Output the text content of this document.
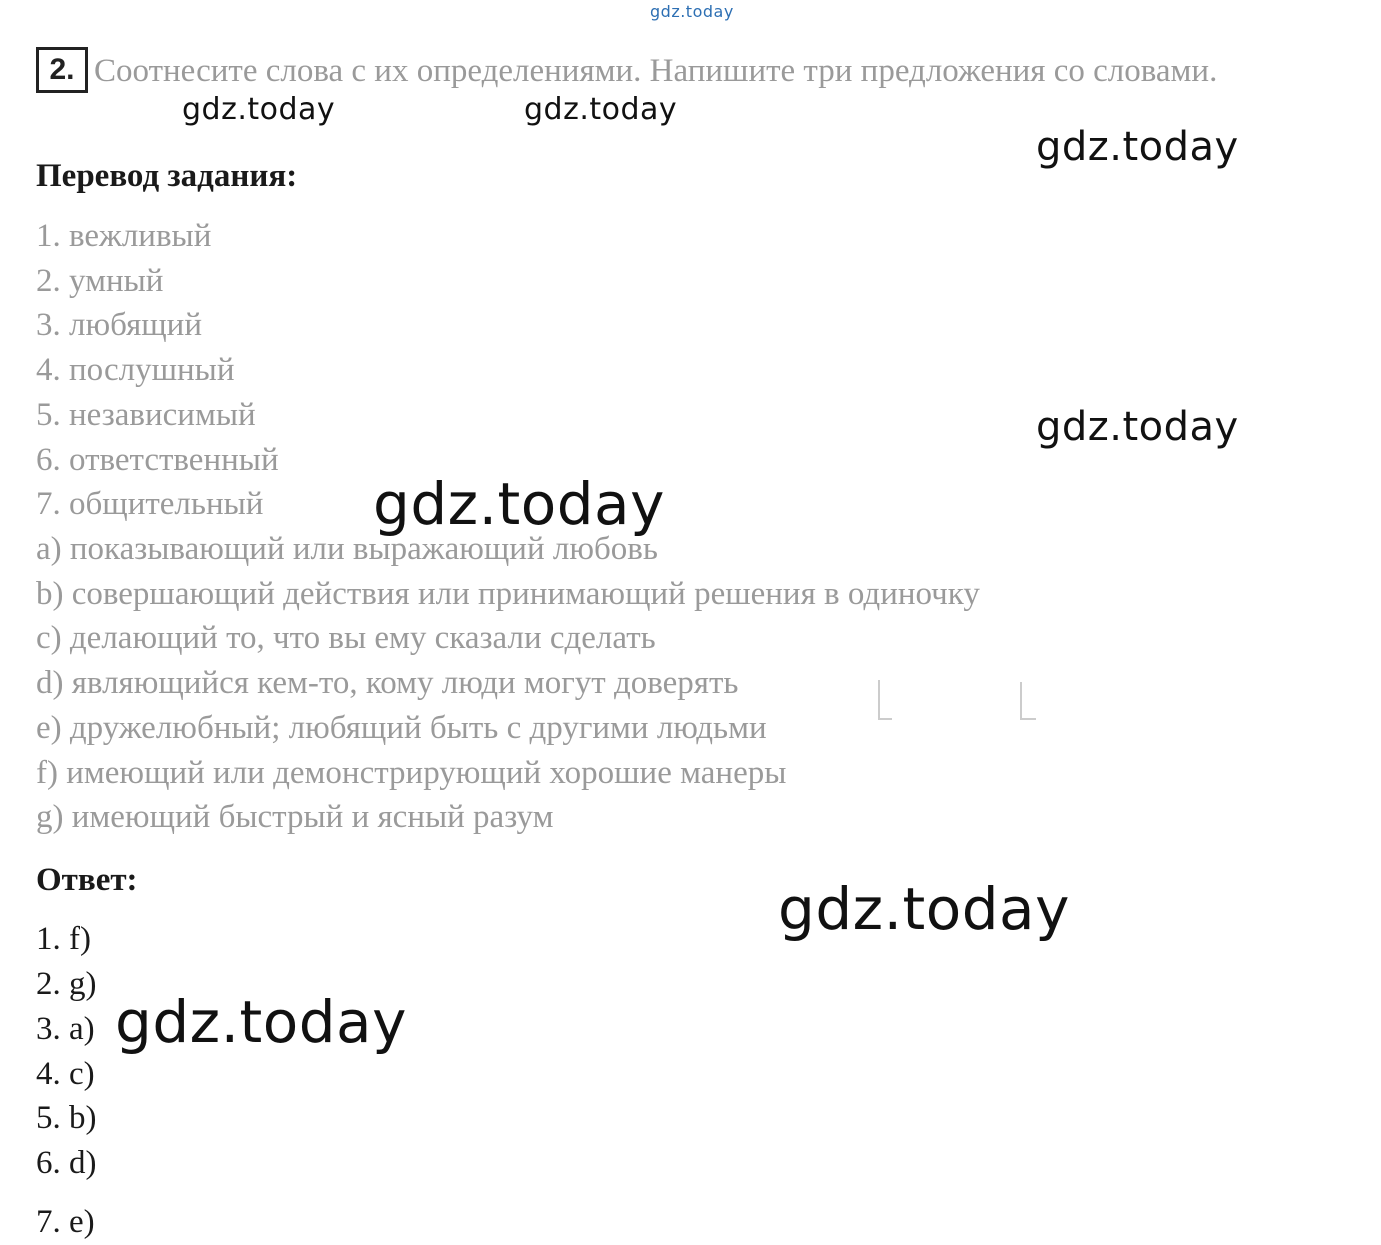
gdz.today
gdz.today	gdz.today
gdz.today
gdz.today
gdz.today
gdz.today
gdz.today
Соотнесите слова с их определениями. Напишите три предложения со словами.
2.
Перевод задания:
1. вежливый
2. умный
3. любящий
4. послушный
5. независимый
6. ответственный
7. общительный
a) показывающий или выражающий любовь
b) совершающий действия или принимающий решения в одиночку
c) делающий то, что вы ему сказали сделать
d) являющийся кем-то, кому люди могут доверять
e) дружелюбный; любящий быть с другими людьми
f) имеющий или демонстрирующий хорошие манеры
g) имеющий быстрый и ясный разум
Ответ:
1. f)
2. g)
3. a)
4. c)
5. b)
6. d)
7. e)
